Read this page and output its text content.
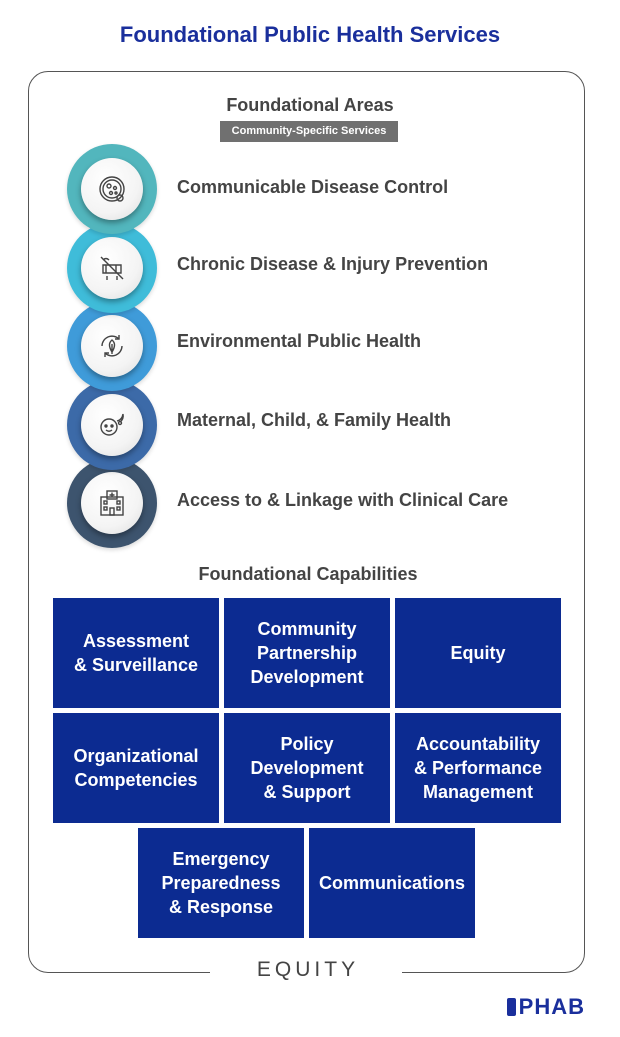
Foundational Public Health Services
Foundational Areas
Community-Specific Services
Communicable Disease Control
Chronic Disease & Injury Prevention
Environmental Public Health
Maternal, Child, & Family Health
Access to & Linkage with Clinical Care
Foundational Capabilities
Assessment
& Surveillance
Community
Partnership
Development
Equity
Organizational
Competencies
Policy
Development
& Support
Accountability
& Performance
Management
Emergency
Preparedness
& Response
Communications
EQUITY
PHAB
